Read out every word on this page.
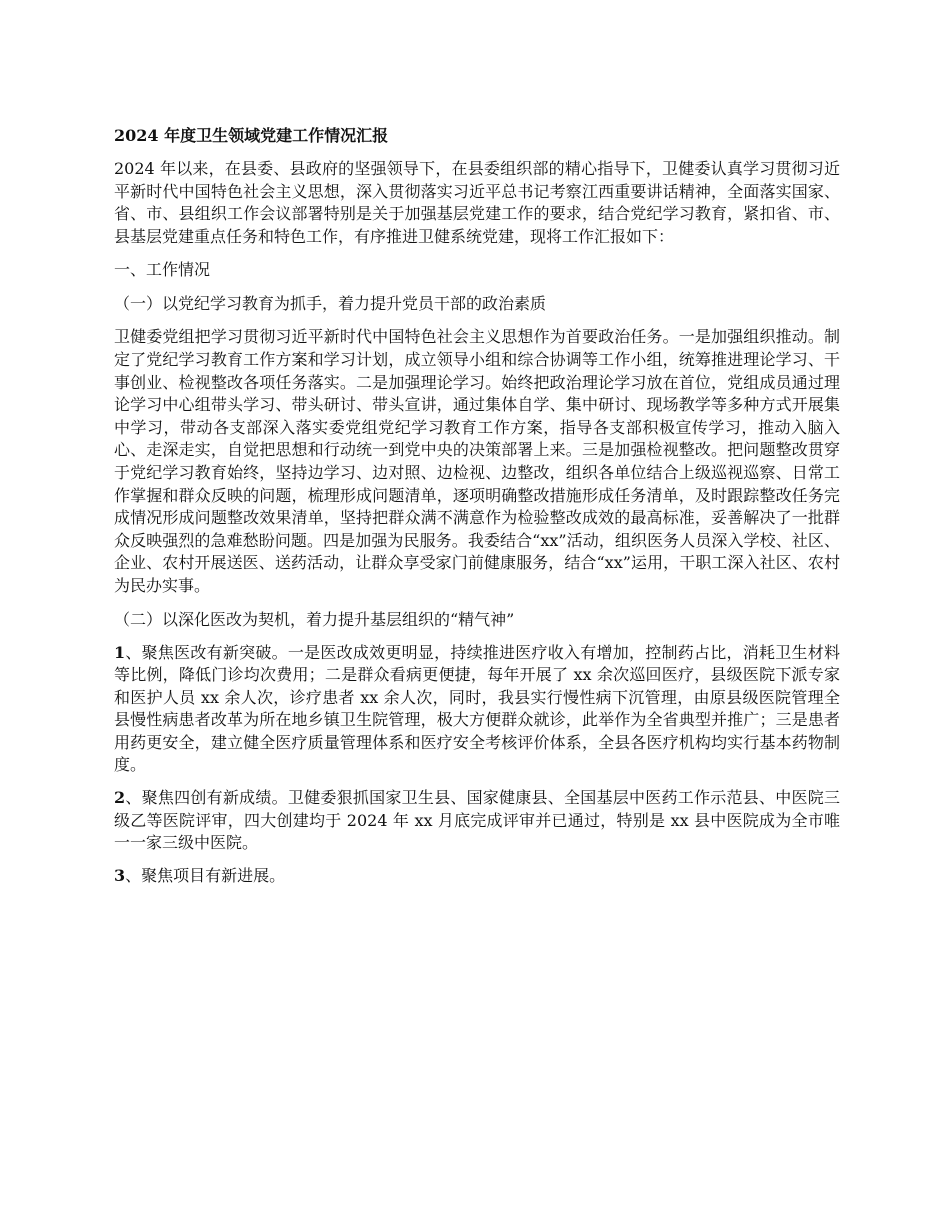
2024 年度卫生领域党建工作情况汇报

2024 年以来，在县委、县政府的坚强领导下，在县委组织部的精心指导下，卫健委认真学习贯彻习近平新时代中国特色社会主义思想，深入贯彻落实习近平总书记考察江西重要讲话精神，全面落实国家、省、市、县组织工作会议部署特别是关于加强基层党建工作的要求，结合党纪学习教育，紧扣省、市、县基层党建重点任务和特色工作，有序推进卫健系统党建，现将工作汇报如下：

一、工作情况
（一）以党纪学习教育为抓手，着力提升党员干部的政治素质

卫健委党组把学习贯彻习近平新时代中国特色社会主义思想作为首要政治任务。一是加强组织推动。制定了党纪学习教育工作方案和学习计划，成立领导小组和综合协调等工作小组，统筹推进理论学习、干事创业、检视整改各项任务落实。二是加强理论学习。始终把政治理论学习放在首位，党组成员通过理论学习中心组带头学习、带头研讨、带头宣讲，通过集体自学、集中研讨、现场教学等多种方式开展集中学习，带动各支部深入落实委党组党纪学习教育工作方案，指导各支部积极宣传学习，推动入脑入心、走深走实，自觉把思想和行动统一到党中央的决策部署上来。三是加强检视整改。把问题整改贯穿于党纪学习教育始终，坚持边学习、边对照、边检视、边整改，组织各单位结合上级巡视巡察、日常工作掌握和群众反映的问题，梳理形成问题清单，逐项明确整改措施形成任务清单，及时跟踪整改任务完成情况形成问题整改效果清单，坚持把群众满不满意作为检验整改成效的最高标准，妥善解决了一批群众反映强烈的急难愁盼问题。四是加强为民服务。我委结合“xx”活动，组织医务人员深入学校、社区、企业、农村开展送医、送药活动，让群众享受家门前健康服务，结合“xx”运用，干职工深入社区、农村为民办实事。

（二）以深化医改为契机，着力提升基层组织的“精气神”

1、聚焦医改有新突破。一是医改成效更明显，持续推进医疗收入有增加，控制药占比，消耗卫生材料等比例，降低门诊均次费用；二是群众看病更便捷，每年开展了 xx 余次巡回医疗，县级医院下派专家和医护人员 xx 余人次，诊疗患者 xx 余人次，同时，我县实行慢性病下沉管理，由原县级医院管理全县慢性病患者改革为所在地乡镇卫生院管理，极大方便群众就诊，此举作为全省典型并推广；三是患者用药更安全，建立健全医疗质量管理体系和医疗安全考核评价体系，全县各医疗机构均实行基本药物制度。

2、聚焦四创有新成绩。卫健委狠抓国家卫生县、国家健康县、全国基层中医药工作示范县、中医院三级乙等医院评审，四大创建均于 2024 年 xx 月底完成评审并已通过，特别是 xx 县中医院成为全市唯一一家三级中医院。

3、聚焦项目有新进展。
